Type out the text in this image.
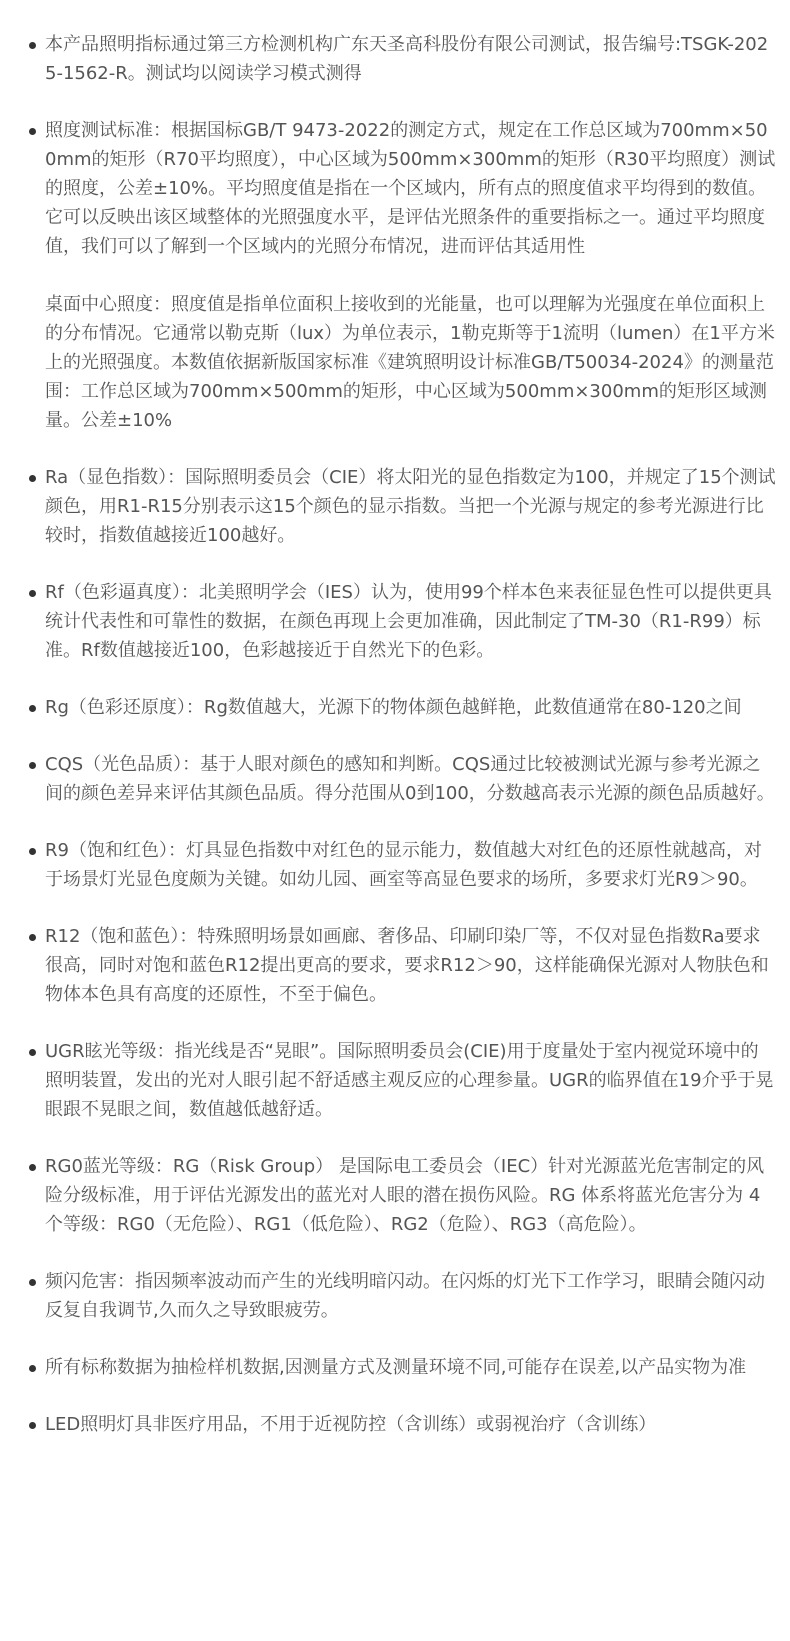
本产品照明指标通过第三方检测机构广东天圣高科股份有限公司测试，报告编号:TSGK-2025-1562-R。测试均以阅读学习模式测得
照度测试标准：根据国标GB/T 9473-2022的测定方式，规定在工作总区域为700mm×500mm的矩形（R70平均照度），中心区域为500mm×300mm的矩形（R30平均照度）测试的照度，公差±10%。平均照度值是指在一个区域内，所有点的照度值求平均得到的数值。它可以反映出该区域整体的光照强度水平，是评估光照条件的重要指标之一。通过平均照度值，我们可以了解到一个区域内的光照分布情况，进而评估其适用性
桌面中心照度：照度值是指单位面积上接收到的光能量，也可以理解为光强度在单位面积上的分布情况。它通常以勒克斯（lux）为单位表示，1勒克斯等于1流明（lumen）在1平方米上的光照强度。本数值依据新版国家标准《建筑照明设计标准GB/T50034-2024》的测量范围：工作总区域为700mm×500mm的矩形，中心区域为500mm×300mm的矩形区域测量。公差±10%
Ra（显色指数）：国际照明委员会（CIE）将太阳光的显色指数定为100，并规定了15个测试颜色，用R1-R15分别表示这15个颜色的显示指数。当把一个光源与规定的参考光源进行比较时，指数值越接近100越好。
Rf（色彩逼真度）：北美照明学会（IES）认为，使用99个样本色来表征显色性可以提供更具统计代表性和可靠性的数据，在颜色再现上会更加准确，因此制定了TM-30（R1-R99）标准。Rf数值越接近100，色彩越接近于自然光下的色彩。
Rg（色彩还原度）：Rg数值越大，光源下的物体颜色越鲜艳，此数值通常在80-120之间
CQS（光色品质）：基于人眼对颜色的感知和判断。CQS通过比较被测试光源与参考光源之间的颜色差异来评估其颜色品质。得分范围从0到100，分数越高表示光源的颜色品质越好。
R9（饱和红色）：灯具显色指数中对红色的显示能力，数值越大对红色的还原性就越高，对于场景灯光显色度颇为关键。如幼儿园、画室等高显色要求的场所，多要求灯光R9＞90。
R12（饱和蓝色）：特殊照明场景如画廊、奢侈品、印刷印染厂等，不仅对显色指数Ra要求很高，同时对饱和蓝色R12提出更高的要求，要求R12＞90，这样能确保光源对人物肤色和物体本色具有高度的还原性，不至于偏色。
UGR眩光等级：指光线是否“晃眼”。国际照明委员会(CIE)用于度量处于室内视觉环境中的照明装置，发出的光对人眼引起不舒适感主观反应的心理参量。UGR的临界值在19介乎于晃眼跟不晃眼之间，数值越低越舒适。
RG0蓝光等级：RG（Risk Group） 是国际电工委员会（IEC）针对光源蓝光危害制定的风险分级标准，用于评估光源发出的蓝光对人眼的潜在损伤风险。RG 体系将蓝光危害分为 4 个等级：RG0（无危险）、RG1（低危险）、RG2（危险）、RG3（高危险）。
频闪危害：指因频率波动而产生的光线明暗闪动。在闪烁的灯光下工作学习，眼睛会随闪动反复自我调节,久而久之导致眼疲劳。
所有标称数据为抽检样机数据,因测量方式及测量环境不同,可能存在误差,以产品实物为准
LED照明灯具非医疗用品，不用于近视防控（含训练）或弱视治疗（含训练）
